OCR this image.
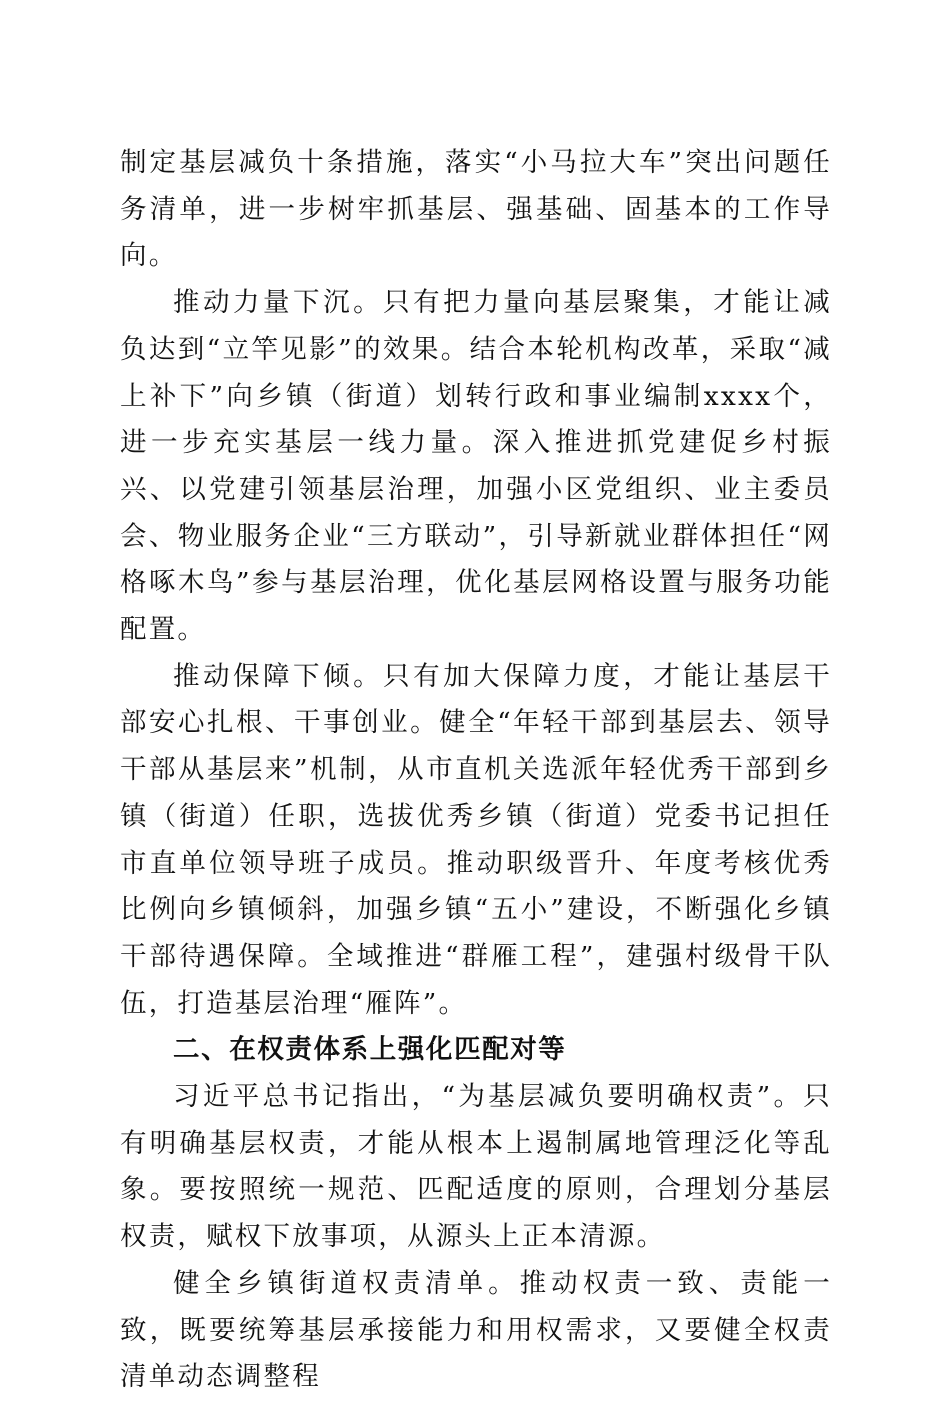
制定基层减负十条措施，落实“小马拉大车”突出问题任务清单，进一步树牢抓基层、强基础、固基本的工作导向。

推动力量下沉。只有把力量向基层聚集，才能让减负达到“立竿见影”的效果。结合本轮机构改革，采取“减上补下”向乡镇（街道）划转行政和事业编制xxxx个，进一步充实基层一线力量。深入推进抓党建促乡村振兴、以党建引领基层治理，加强小区党组织、业主委员会、物业服务企业“三方联动”，引导新就业群体担任“网格啄木鸟”参与基层治理，优化基层网格设置与服务功能配置。

推动保障下倾。只有加大保障力度，才能让基层干部安心扎根、干事创业。健全“年轻干部到基层去、领导干部从基层来”机制，从市直机关选派年轻优秀干部到乡镇（街道）任职，选拔优秀乡镇（街道）党委书记担任市直单位领导班子成员。推动职级晋升、年度考核优秀比例向乡镇倾斜，加强乡镇“五小”建设，不断强化乡镇干部待遇保障。全域推进“群雁工程”，建强村级骨干队伍，打造基层治理“雁阵”。

二、在权责体系上强化匹配对等

习近平总书记指出，“为基层减负要明确权责”。只有明确基层权责，才能从根本上遏制属地管理泛化等乱象。要按照统一规范、匹配适度的原则，合理划分基层权责，赋权下放事项，从源头上正本清源。

健全乡镇街道权责清单。推动权责一致、责能一致，既要统筹基层承接能力和用权需求，又要健全权责清单动态调整程
